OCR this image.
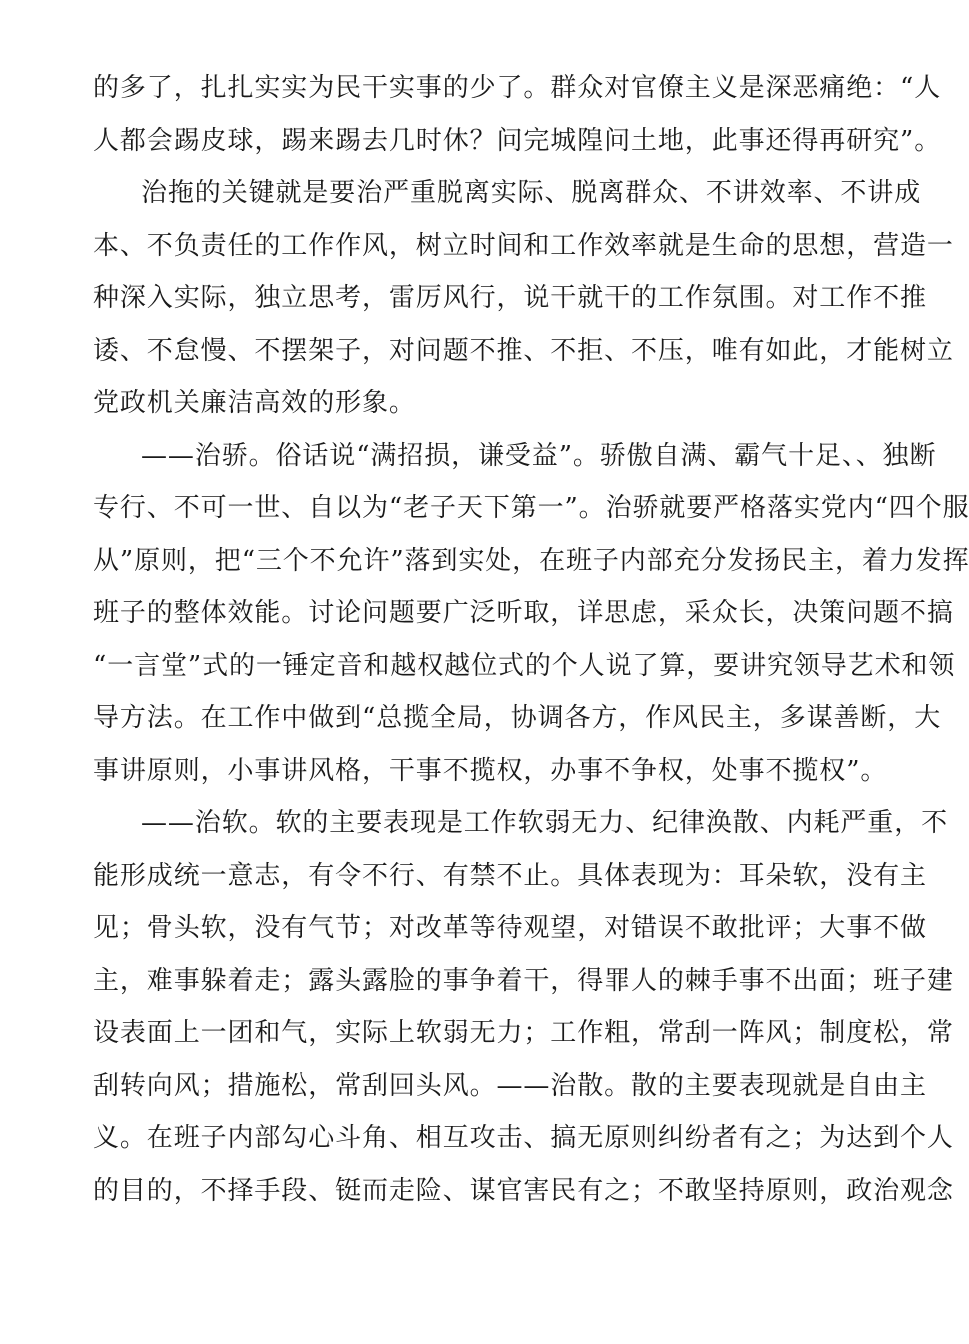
的多了，扎扎实实为民干实事的少了。群众对官僚主义是深恶痛绝：“人
人都会踢皮球，踢来踢去几时休？问完城隍问土地，此事还得再研究”。
治拖的关键就是要治严重脱离实际、脱离群众、不讲效率、不讲成
本、不负责任的工作作风，树立时间和工作效率就是生命的思想，营造一
种深入实际，独立思考，雷厉风行，说干就干的工作氛围。对工作不推
诿、不怠慢、不摆架子，对问题不推、不拒、不压，唯有如此，才能树立
党政机关廉洁高效的形象。
——治骄。俗话说“满招损，谦受益”。骄傲自满、霸气十足、、独断
专行、不可一世、自以为“老子天下第一”。治骄就要严格落实党内“四个服
从”原则，把“三个不允许”落到实处，在班子内部充分发扬民主，着力发挥
班子的整体效能。讨论问题要广泛听取，详思虑，采众长，决策问题不搞
“一言堂”式的一锤定音和越权越位式的个人说了算，要讲究领导艺术和领
导方法。在工作中做到“总揽全局，协调各方，作风民主，多谋善断，大
事讲原则，小事讲风格，干事不揽权，办事不争权，处事不揽权”。
——治软。软的主要表现是工作软弱无力、纪律涣散、内耗严重，不
能形成统一意志，有令不行、有禁不止。具体表现为：耳朵软，没有主
见；骨头软，没有气节；对改革等待观望，对错误不敢批评；大事不做
主，难事躲着走；露头露脸的事争着干，得罪人的棘手事不出面；班子建
设表面上一团和气，实际上软弱无力；工作粗，常刮一阵风；制度松，常
刮转向风；措施松，常刮回头风。——治散。散的主要表现就是自由主
义。在班子内部勾心斗角、相互攻击、搞无原则纠纷者有之；为达到个人
的目的，不择手段、铤而走险、谋官害民有之；不敢坚持原则，政治观念
